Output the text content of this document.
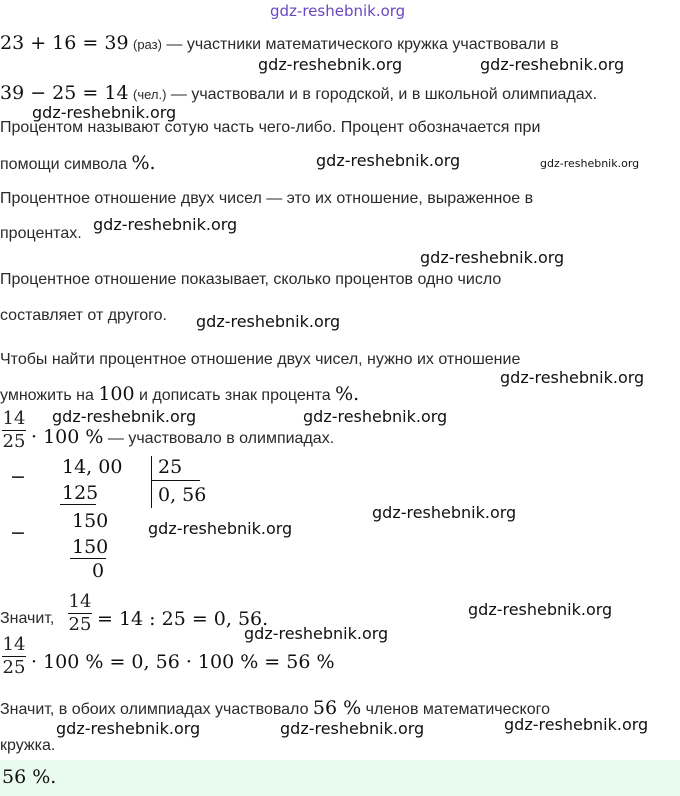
gdz-reshebnik.org
23 + 16 = 39 (раз) — участники математического кружка участвовали в
gdz-reshebnik.org	gdz-reshebnik.org
39 − 25 = 14 (чел.) — участвовали и в городской, и в школьной олимпиадах.
gdz-reshebnik.org
Процентом называют сотую часть чего-либо. Процент обозначается при
помощи символа %.	gdz-reshebnik.org	gdz-reshebnik.org
Процентное отношение двух чисел — это их отношение, выраженное в
процентах. gdz-reshebnik.org
gdz-reshebnik.org
Процентное отношение показывает, сколько процентов одно число
составляет от другого. gdz-reshebnik.org
Чтобы найти процентное отношение двух чисел, нужно их отношение
умножить на 100 и дописать знак процента %.
gdz-reshebnik.org
14
25 · 100 % — участвовало в олимпиадах.
gdz-reshebnik.org	gdz-reshebnik.org
− 14, 00
125
150
−
150
0
25
0, 56
gdz-reshebnik.org
gdz-reshebnik.org
Значит,
14
25 = 14 : 25 = 0, 56.	gdz-reshebnik.org
gdz-reshebnik.org
14
25 · 100 % = 0, 56 · 100 % = 56 %
Значит, в обоих олимпиадах участвовало 56 % членов математического
кружка.
gdz-reshebnik.org	gdz-reshebnik.org	gdz-reshebnik.org
56 %.
